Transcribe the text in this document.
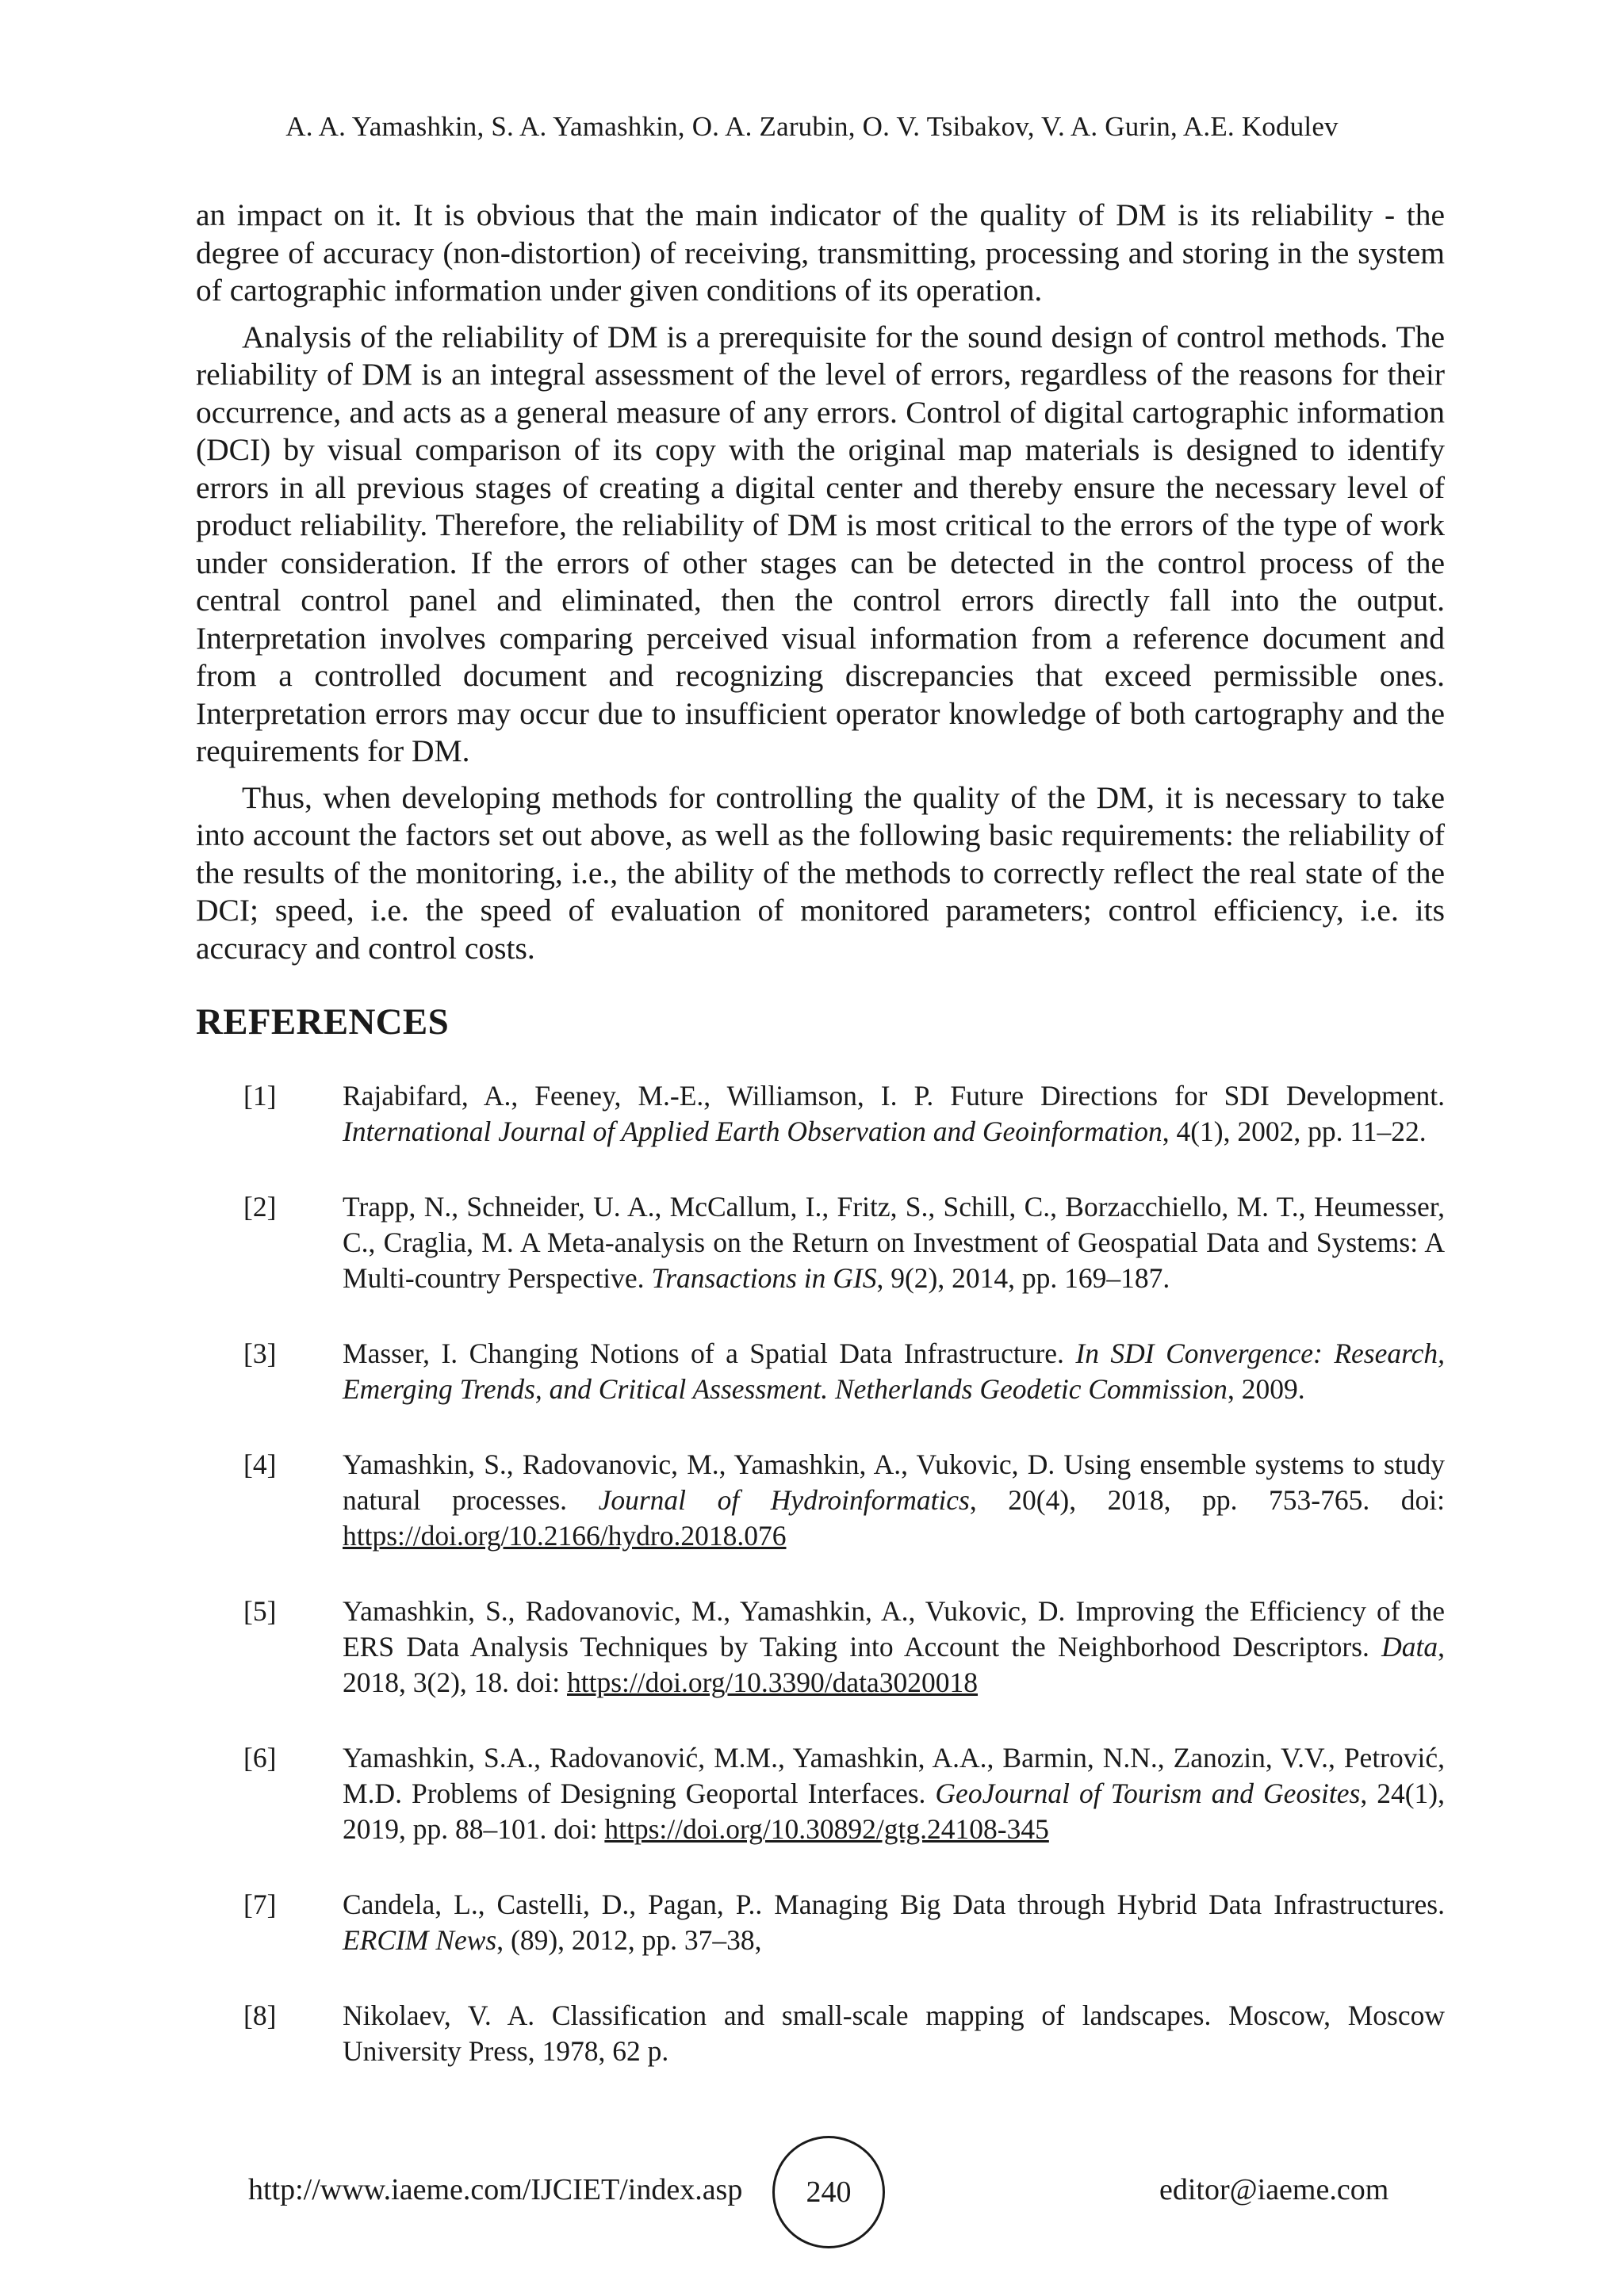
A. A. Yamashkin, S. A. Yamashkin, O. A. Zarubin, O. V. Tsibakov, V. A. Gurin, A.E. Kodulev

an impact on it. It is obvious that the main indicator of the quality of DM is its reliability - the degree of accuracy (non-distortion) of receiving, transmitting, processing and storing in the system of cartographic information under given conditions of its operation.

Analysis of the reliability of DM is a prerequisite for the sound design of control methods. The reliability of DM is an integral assessment of the level of errors, regardless of the reasons for their occurrence, and acts as a general measure of any errors. Control of digital cartographic information (DCI) by visual comparison of its copy with the original map materials is designed to identify errors in all previous stages of creating a digital center and thereby ensure the necessary level of product reliability. Therefore, the reliability of DM is most critical to the errors of the type of work under consideration. If the errors of other stages can be detected in the control process of the central control panel and eliminated, then the control errors directly fall into the output. Interpretation involves comparing perceived visual information from a reference document and from a controlled document and recognizing discrepancies that exceed permissible ones. Interpretation errors may occur due to insufficient operator knowledge of both cartography and the requirements for DM.

Thus, when developing methods for controlling the quality of the DM, it is necessary to take into account the factors set out above, as well as the following basic requirements: the reliability of the results of the monitoring, i.e., the ability of the methods to correctly reflect the real state of the DCI; speed, i.e. the speed of evaluation of monitored parameters; control efficiency, i.e. its accuracy and control costs.

REFERENCES
[1]	Rajabifard, A., Feeney, M.-E., Williamson, I. P. Future Directions for SDI Development. International Journal of Applied Earth Observation and Geoinformation, 4(1), 2002, pp. 11–22.
[2]	Trapp, N., Schneider, U. A., McCallum, I., Fritz, S., Schill, C., Borzacchiello, M. T., Heumesser, C., Craglia, M. A Meta-analysis on the Return on Investment of Geospatial Data and Systems: A Multi-country Perspective. Transactions in GIS, 9(2), 2014, pp. 169–187.
[3]	Masser, I. Changing Notions of a Spatial Data Infrastructure. In SDI Convergence: Research, Emerging Trends, and Critical Assessment. Netherlands Geodetic Commission, 2009.
[4]	Yamashkin, S., Radovanovic, M., Yamashkin, A., Vukovic, D. Using ensemble systems to study natural processes. Journal of Hydroinformatics, 20(4), 2018, pp. 753-765. doi: https://doi.org/10.2166/hydro.2018.076
[5]	Yamashkin, S., Radovanovic, M., Yamashkin, A., Vukovic, D. Improving the Efficiency of the ERS Data Analysis Techniques by Taking into Account the Neighborhood Descriptors. Data, 2018, 3(2), 18. doi: https://doi.org/10.3390/data3020018
[6]	Yamashkin, S.A., Radovanović, M.M., Yamashkin, A.A., Barmin, N.N., Zanozin, V.V., Petrović, M.D. Problems of Designing Geoportal Interfaces. GeoJournal of Tourism and Geosites, 24(1), 2019, pp. 88–101. doi: https://doi.org/10.30892/gtg.24108-345
[7]	Candela, L., Castelli, D., Pagan, P.. Managing Big Data through Hybrid Data Infrastructures. ERCIM News, (89), 2012, pp. 37–38,
[8]	Nikolaev, V. A. Classification and small-scale mapping of landscapes. Moscow, Moscow University Press, 1978, 62 p.
http://www.iaeme.com/IJCIET/index.asp 240	editor@iaeme.com
